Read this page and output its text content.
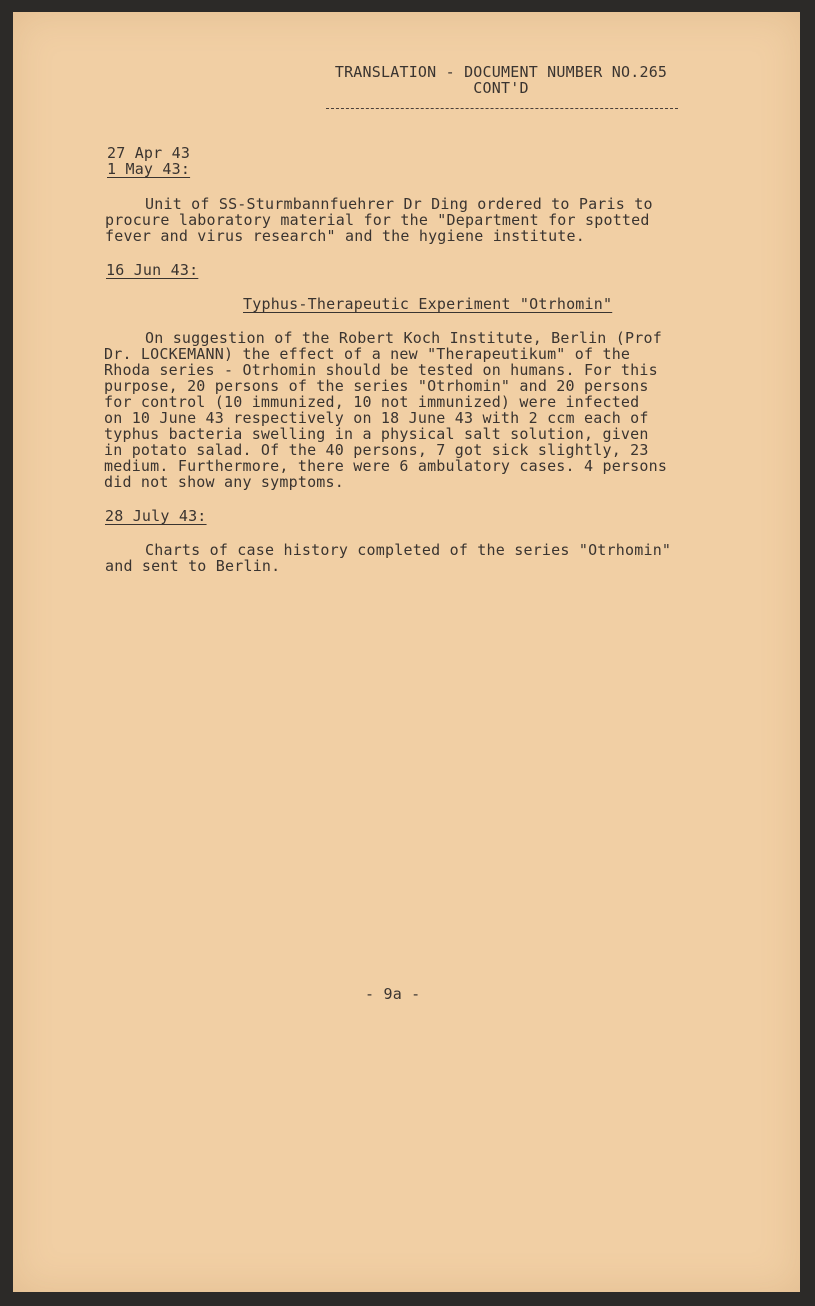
TRANSLATION - DOCUMENT NUMBER NO.265
CONT'D
27 Apr 43
1 May 43:
Unit of SS-Sturmbannfuehrer Dr Ding ordered to Paris to
procure laboratory material for the "Department for spotted
fever and virus research" and the hygiene institute.
16 Jun 43:
Typhus-Therapeutic Experiment "Otrhomin"
On suggestion of the Robert Koch Institute, Berlin (Prof
Dr. LOCKEMANN) the effect of a new "Therapeutikum" of the
Rhoda series - Otrhomin should be tested on humans. For this
purpose, 20 persons of the series "Otrhomin" and 20 persons
for control (10 immunized, 10 not immunized) were infected
on 10 June 43 respectively on 18 June 43 with 2 ccm each of
typhus bacteria swelling in a physical salt solution, given
in potato salad. Of the 40 persons, 7 got sick slightly, 23
medium. Furthermore, there were 6 ambulatory cases. 4 persons
did not show any symptoms.
28 July 43:
Charts of case history completed of the series "Otrhomin"
and sent to Berlin.
- 9a -
